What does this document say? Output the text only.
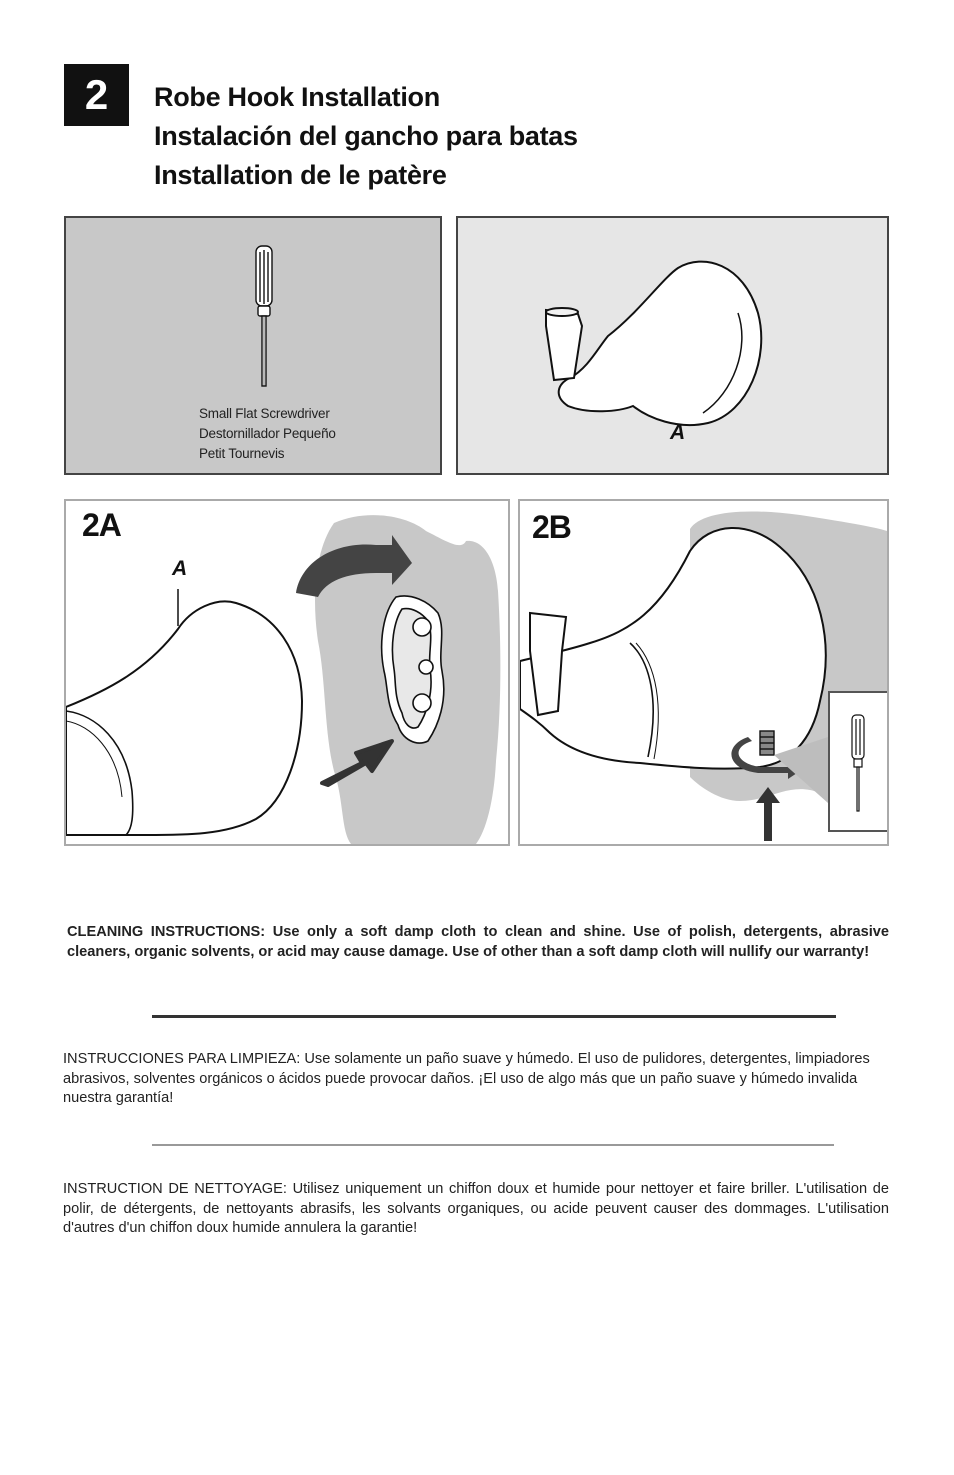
2	Robe Hook Installation
Instalación del gancho para batas
Installation de le patère
Small Flat Screwdriver
Destornillador Pequeño
Petit Tournevis
A
2A
A
2B
CLEANING INSTRUCTIONS: Use only a soft damp cloth to clean and shine. Use of polish, detergents, abrasive cleaners, organic solvents, or acid may cause damage. Use of other than a soft damp cloth will nullify our warranty!
INSTRUCCIONES PARA LIMPIEZA: Use solamente un paño suave y húmedo. El uso de pulidores, detergentes, limpiadores abrasivos, solventes orgánicos o ácidos puede provocar daños. ¡El uso de algo más que un paño suave y húmedo invalida nuestra garantía!
INSTRUCTION DE NETTOYAGE: Utilisez uniquement un chiffon doux et humide pour nettoyer et faire briller. L'utilisation de polir, de détergents, de nettoyants abrasifs, les solvants organiques, ou acide peuvent causer des dommages. L'utilisation d'autres d'un chiffon doux humide annulera la garantie!
